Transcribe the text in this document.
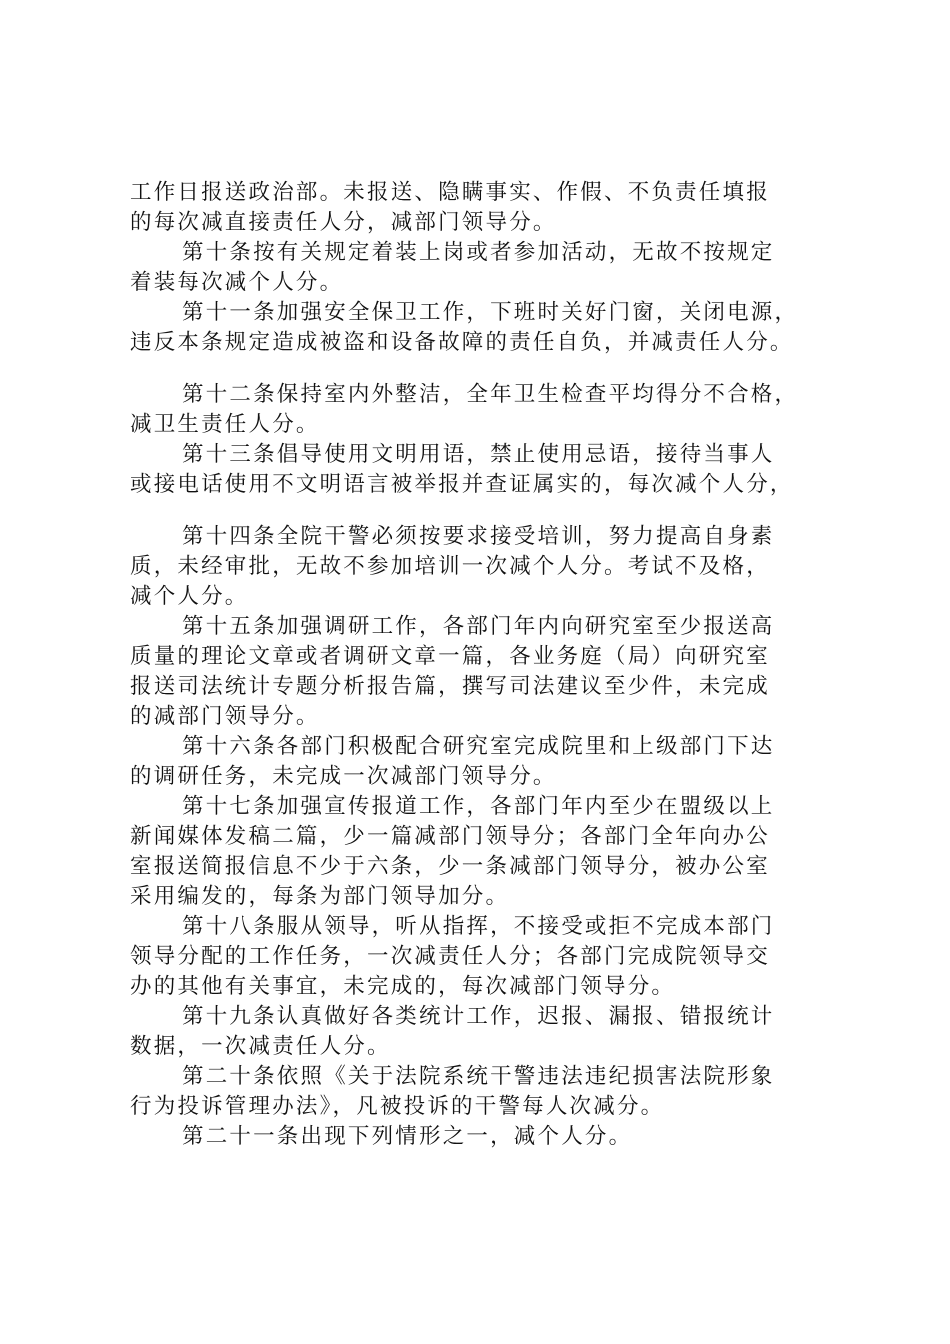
工作日报送政治部。未报送、隐瞒事实、作假、不负责任填报
的每次减直接责任人分，减部门领导分。
第十条按有关规定着装上岗或者参加活动，无故不按规定
着装每次减个人分。
第十一条加强安全保卫工作，下班时关好门窗，关闭电源，
违反本条规定造成被盗和设备故障的责任自负，并减责任人分。
第十二条保持室内外整洁，全年卫生检查平均得分不合格，
减卫生责任人分。
第十三条倡导使用文明用语，禁止使用忌语，接待当事人
或接电话使用不文明语言被举报并查证属实的，每次减个人分，
第十四条全院干警必须按要求接受培训，努力提高自身素
质，未经审批，无故不参加培训一次减个人分。考试不及格，
减个人分。
第十五条加强调研工作，各部门年内向研究室至少报送高
质量的理论文章或者调研文章一篇，各业务庭（局）向研究室
报送司法统计专题分析报告篇，撰写司法建议至少件，未完成
的减部门领导分。
第十六条各部门积极配合研究室完成院里和上级部门下达
的调研任务，未完成一次减部门领导分。
第十七条加强宣传报道工作，各部门年内至少在盟级以上
新闻媒体发稿二篇，少一篇减部门领导分；各部门全年向办公
室报送简报信息不少于六条，少一条减部门领导分，被办公室
采用编发的，每条为部门领导加分。
第十八条服从领导，听从指挥，不接受或拒不完成本部门
领导分配的工作任务，一次减责任人分；各部门完成院领导交
办的其他有关事宜，未完成的，每次减部门领导分。
第十九条认真做好各类统计工作，迟报、漏报、错报统计
数据，一次减责任人分。
第二十条依照《关于法院系统干警违法违纪损害法院形象
行为投诉管理办法》，凡被投诉的干警每人次减分。
第二十一条出现下列情形之一，减个人分。
